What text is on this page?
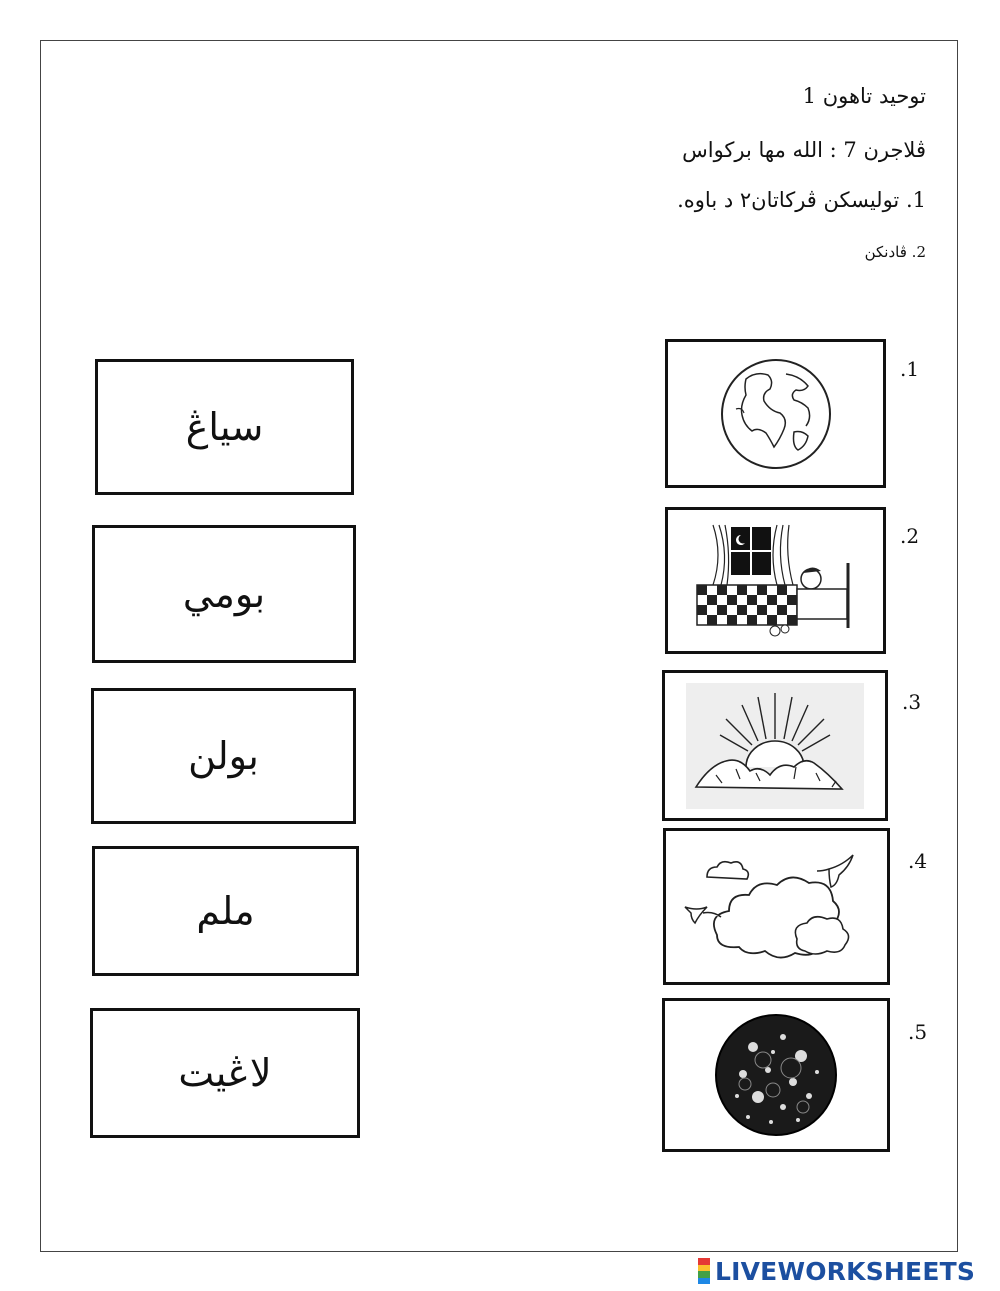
توحيد تاهون 1
ڤلاجرن 7 : الله مها بركواس
1. توليسكن ڤركاتان٢ د باوه.
2. ڤادنكن
سياڠ
بومي
بولن
ملم
لاڠيت
1.
2.
3.
4.
5.
LIVEWORKSHEETS
